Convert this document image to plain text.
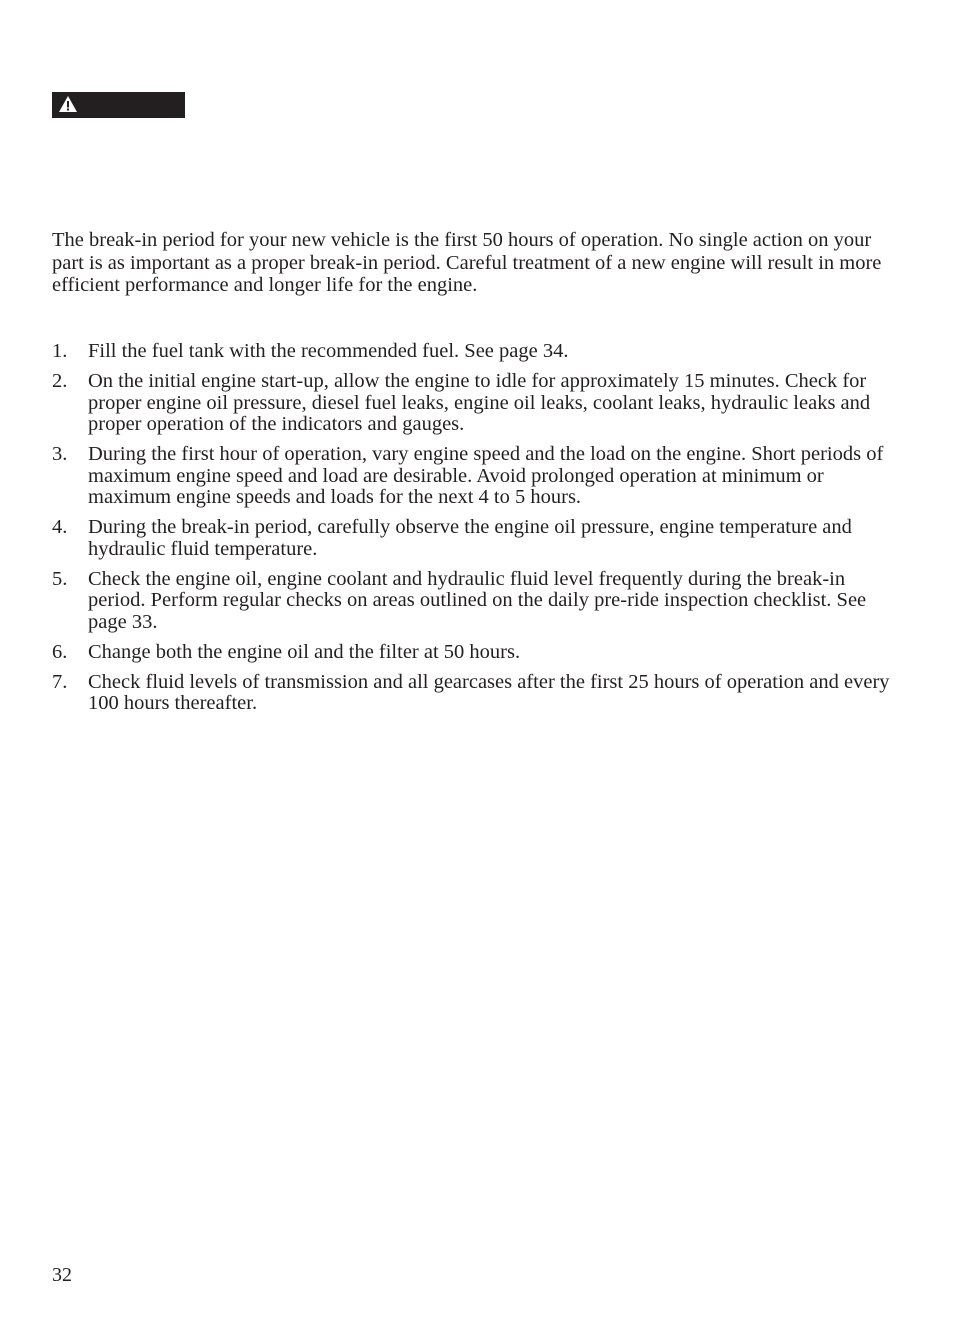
The break-in period for your new vehicle is the first 50 hours of operation. No single action on your part is as important as a proper break-in period. Careful treatment of a new engine will result in more efficient performance and longer life for the engine.

1.	Fill the fuel tank with the recommended fuel. See page 34.
2.	On the initial engine start-up, allow the engine to idle for approximately 15 minutes. Check for proper engine oil pressure, diesel fuel leaks, engine oil leaks, coolant leaks, hydraulic leaks and proper operation of the indicators and gauges.
3.	During the first hour of operation, vary engine speed and the load on the engine. Short periods of maximum engine speed and load are desirable. Avoid prolonged operation at minimum or maximum engine speeds and loads for the next 4 to 5 hours.
4.	During the break-in period, carefully observe the engine oil pressure, engine temperature and hydraulic fluid temperature.
5.	Check the engine oil, engine coolant and hydraulic fluid level frequently during the break-in period. Perform regular checks on areas outlined on the daily pre-ride inspection checklist. See page 33.
6.	Change both the engine oil and the filter at 50 hours.
7.	Check fluid levels of transmission and all gearcases after the first 25 hours of operation and every 100 hours thereafter.
32
